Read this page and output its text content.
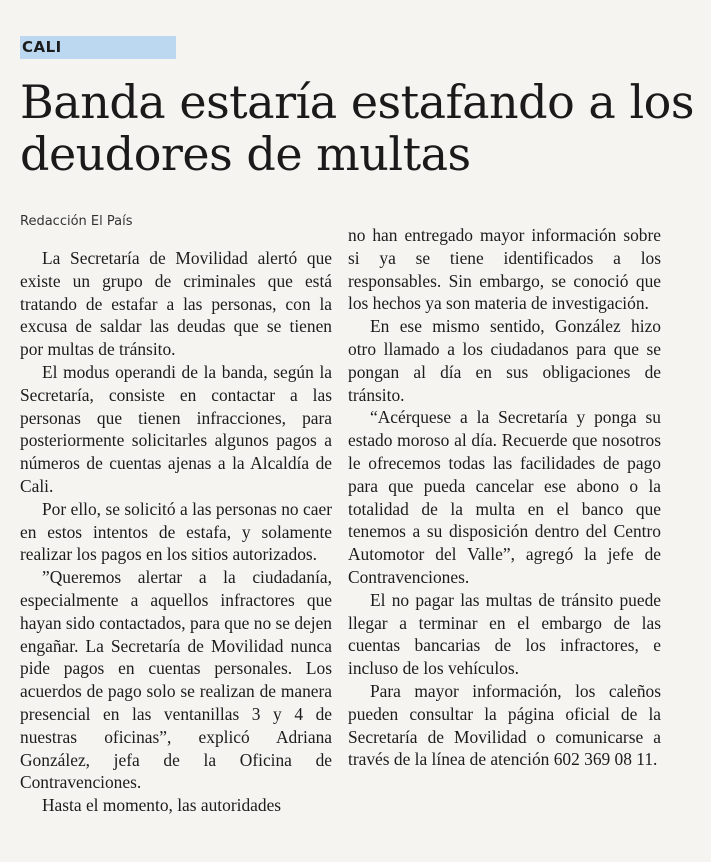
CALI
Banda estaría estafando a los deudores de multas
Redacción El País

La Secretaría de Movilidad alertó que existe un grupo de criminales que está tratando de estafar a las personas, con la excusa de saldar las deudas que se tienen por multas de tránsito.

El modus operandi de la banda, según la Secretaría, consiste en contactar a las personas que tienen infracciones, para posteriormente solicitarles algunos pagos a números de cuentas ajenas a la Alcaldía de Cali.

Por ello, se solicitó a las personas no caer en estos intentos de estafa, y solamente realizar los pagos en los sitios autorizados.

”Queremos alertar a la ciudadanía, especialmente a aquellos infractores que hayan sido contactados, para que no se dejen engañar. La Secretaría de Movilidad nunca pide pagos en cuentas personales. Los acuerdos de pago solo se realizan de manera presencial en las ventanillas 3 y 4 de nuestras oficinas”, explicó Adriana González, jefa de la Oficina de Contravenciones.

Hasta el momento, las autoridades

no han entregado mayor información sobre si ya se tiene identificados a los responsables. Sin embargo, se conoció que los hechos ya son materia de investigación.

En ese mismo sentido, González hizo otro llamado a los ciudadanos para que se pongan al día en sus obligaciones de tránsito.

“Acérquese a la Secretaría y ponga su estado moroso al día. Recuerde que nosotros le ofrecemos todas las facilidades de pago para que pueda cancelar ese abono o la totalidad de la multa en el banco que tenemos a su disposición dentro del Centro Automotor del Valle”, agregó la jefe de Contravenciones.

El no pagar las multas de tránsito puede llegar a terminar en el embargo de las cuentas bancarias de los infractores, e incluso de los vehículos.

Para mayor información, los caleños pueden consultar la página oficial de la Secretaría de Movilidad o comunicarse a través de la línea de atención 602 369 08 11.
